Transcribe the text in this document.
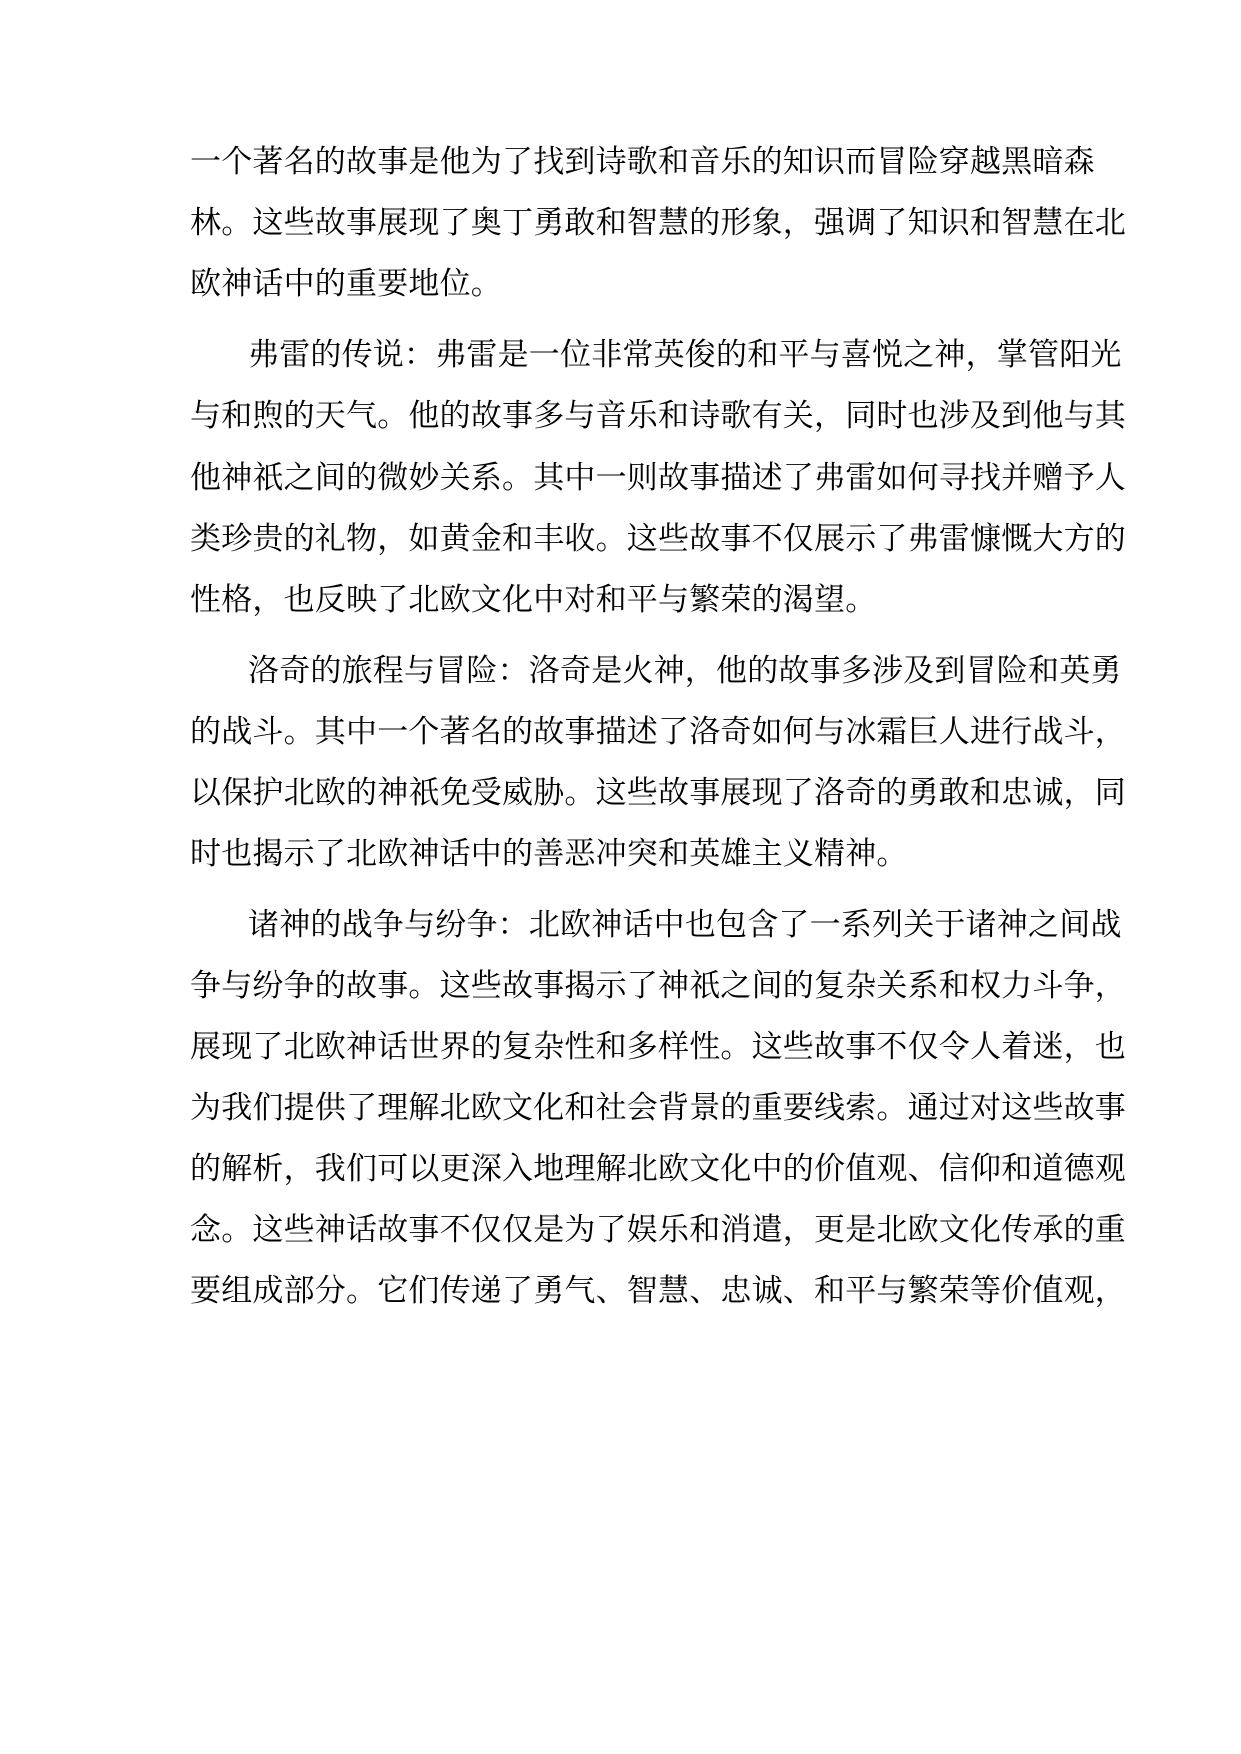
一个著名的故事是他为了找到诗歌和音乐的知识而冒险穿越黑暗森
林。这些故事展现了奥丁勇敢和智慧的形象，强调了知识和智慧在北
欧神话中的重要地位。
弗雷的传说：弗雷是一位非常英俊的和平与喜悦之神，掌管阳光
与和煦的天气。他的故事多与音乐和诗歌有关，同时也涉及到他与其
他神祇之间的微妙关系。其中一则故事描述了弗雷如何寻找并赠予人
类珍贵的礼物，如黄金和丰收。这些故事不仅展示了弗雷慷慨大方的
性格，也反映了北欧文化中对和平与繁荣的渴望。
洛奇的旅程与冒险：洛奇是火神，他的故事多涉及到冒险和英勇
的战斗。其中一个著名的故事描述了洛奇如何与冰霜巨人进行战斗，
以保护北欧的神祇免受威胁。这些故事展现了洛奇的勇敢和忠诚，同
时也揭示了北欧神话中的善恶冲突和英雄主义精神。
诸神的战争与纷争：北欧神话中也包含了一系列关于诸神之间战
争与纷争的故事。这些故事揭示了神祇之间的复杂关系和权力斗争，
展现了北欧神话世界的复杂性和多样性。这些故事不仅令人着迷，也
为我们提供了理解北欧文化和社会背景的重要线索。通过对这些故事
的解析，我们可以更深入地理解北欧文化中的价值观、信仰和道德观
念。这些神话故事不仅仅是为了娱乐和消遣，更是北欧文化传承的重
要组成部分。它们传递了勇气、智慧、忠诚、和平与繁荣等价值观，
